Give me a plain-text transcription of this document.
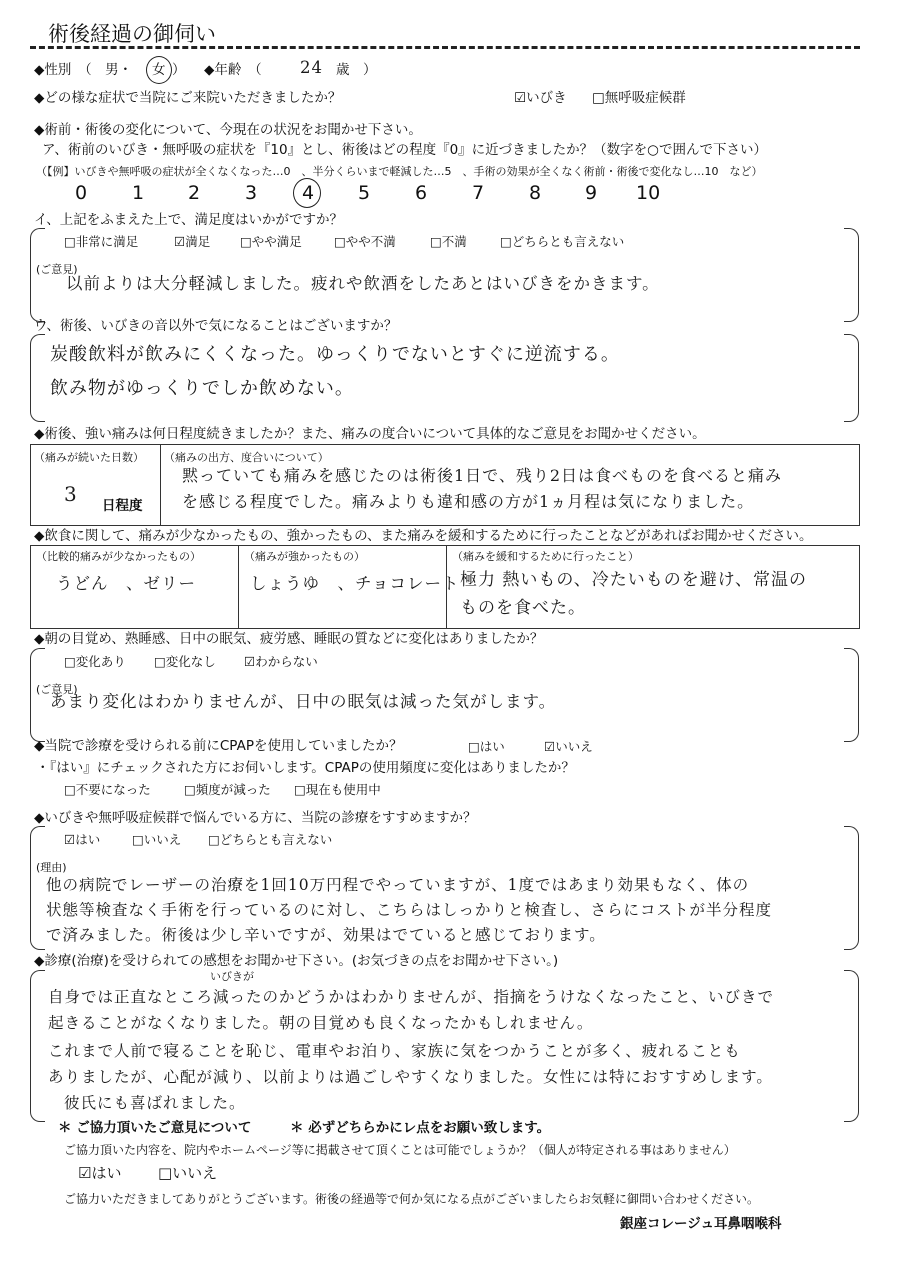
術後経過の御伺い
◆性別　（　男・ 女 ） ◆年齢　（ 24 歳　）
◆どの様な症状で当院にご来院いただきましたか？	☑いびき □無呼吸症候群
◆術前・術後の変化について、今現在の状況をお聞かせ下さい。
ア、術前のいびき・無呼吸の症状を『10』とし、術後はどの程度『0』に近づきましたか？（数字を○で囲んで下さい）
（【例】いびきや無呼吸の症状が全くなくなった…0　、半分くらいまで軽減した…5　、手術の効果が全くなく術前・術後で変化なし…10　など）
0 1 2 3 4 5 6 7 8 9 10
イ、上記をふまえた上で、満足度はいかがですか？
□非常に満足	☑満足 □やや満足	□やや不満	□不満	□どちらとも言えない
(ご意見)
以前よりは大分軽減しました。疲れや飲酒をしたあとはいびきをかきます。
ウ、術後、いびきの音以外で気になることはございますか？
炭酸飲料が飲みにくくなった。ゆっくりでないとすぐに逆流する。
飲み物がゆっくりでしか飲めない。
◆術後、強い痛みは何日程度続きましたか？また、痛みの度合いについて具体的なご意見をお聞かせください。
（痛みが続いた日数）
3 日程度
（痛みの出方、度合いについて）
黙っていても痛みを感じたのは術後1日で、残り2日は食べものを食べると痛み
を感じる程度でした。痛みよりも違和感の方が1ヵ月程は気になりました。
◆飲食に関して、痛みが少なかったもの、強かったもの、また痛みを緩和するために行ったことなどがあればお聞かせください。
（比較的痛みが少なかったもの）
うどん　、ゼリー
（痛みが強かったもの）
しょうゆ　、チョコレート
（痛みを緩和するために行ったこと）
極力 熱いもの、冷たいものを避け、常温の
ものを食べた。
◆朝の目覚め、熟睡感、日中の眠気、疲労感、睡眠の質などに変化はありましたか？
□変化あり □変化なし ☑わからない
(ご意見)
あまり変化はわかりませんが、日中の眠気は減った気がします。
◆当院で診療を受けられる前にCPAPを使用していましたか？	□はい	☑いいえ
・『はい』にチェックされた方にお伺いします。CPAPの使用頻度に変化はありましたか？
□不要になった	□頻度が減った □現在も使用中
◆いびきや無呼吸症候群で悩んでいる方に、当院の診療をすすめますか？
☑はい	□いいえ □どちらとも言えない
(理由)
他の病院でレーザーの治療を1回10万円程でやっていますが、1度ではあまり効果もなく、体の
状態等検査なく手術を行っているのに対し、こちらはしっかりと検査し、さらにコストが半分程度
で済みました。術後は少し辛いですが、効果はでていると感じております。
◆診療(治療)を受けられての感想をお聞かせ下さい。(お気づきの点をお聞かせ下さい。)
いびきが
自身では正直なところ減ったのかどうかはわかりませんが、指摘をうけなくなったこと、いびきで
起きることがなくなりました。朝の目覚めも良くなったかもしれません。
これまで人前で寝ることを恥じ、電車やお泊り、家族に気をつかうことが多く、疲れることも
ありましたが、心配が減り、以前よりは過ごしやすくなりました。女性には特におすすめします。
彼氏にも喜ばれました。
＊ ご協力頂いたご意見について	＊ 必ずどちらかにレ点をお願い致します。
ご協力頂いた内容を、院内やホームページ等に掲載させて頂くことは可能でしょうか？（個人が特定される事はありません）
☑はい □いいえ
ご協力いただきましてありがとうございます。術後の経過等で何か気になる点がございましたらお気軽に御問い合わせください。
銀座コレージュ耳鼻咽喉科
